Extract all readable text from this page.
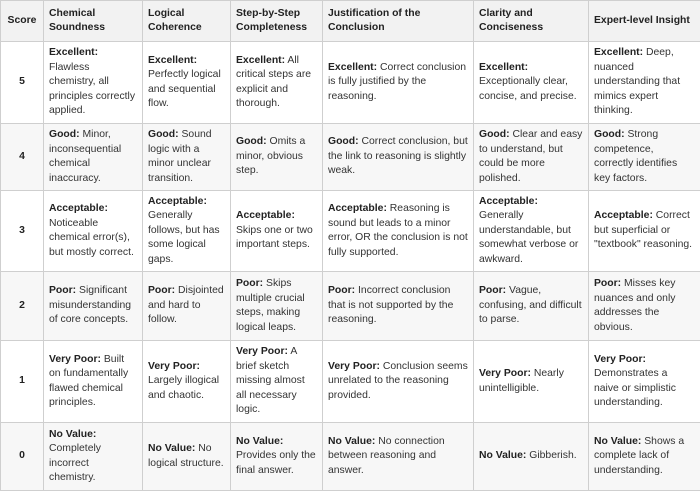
Score	Chemical Soundness	Logical Coherence	Step-by-Step Completeness	Justification of the Conclusion	Clarity and Conciseness	Expert-level Insight
5	Excellent: Flawless chemistry, all principles correctly applied.	Excellent: Perfectly logical and sequential flow.	Excellent: All critical steps are explicit and thorough.	Excellent: Correct conclusion is fully justified by the reasoning.	Excellent: Exceptionally clear, concise, and precise.	Excellent: Deep, nuanced understanding that mimics expert thinking.
4	Good: Minor, inconsequential chemical inaccuracy.	Good: Sound logic with a minor unclear transition.	Good: Omits a minor, obvious step.	Good: Correct conclusion, but the link to reasoning is slightly weak.	Good: Clear and easy to understand, but could be more polished.	Good: Strong competence, correctly identifies key factors.
3	Acceptable: Noticeable chemical error(s), but mostly correct.	Acceptable: Generally follows, but has some logical gaps.	Acceptable: Skips one or two important steps.	Acceptable: Reasoning is sound but leads to a minor error, OR the conclusion is not fully supported.	Acceptable: Generally understandable, but somewhat verbose or awkward.	Acceptable: Correct but superficial or "textbook" reasoning.
2	Poor: Significant misunderstanding of core concepts.	Poor: Disjointed and hard to follow.	Poor: Skips multiple crucial steps, making logical leaps.	Poor: Incorrect conclusion that is not supported by the reasoning.	Poor: Vague, confusing, and difficult to parse.	Poor: Misses key nuances and only addresses the obvious.
1	Very Poor: Built on fundamentally flawed chemical principles.	Very Poor: Largely illogical and chaotic.	Very Poor: A brief sketch missing almost all necessary logic.	Very Poor: Conclusion seems unrelated to the reasoning provided.	Very Poor: Nearly unintelligible.	Very Poor: Demonstrates a naive or simplistic understanding.
0	No Value: Completely incorrect chemistry.	No Value: No logical structure.	No Value: Provides only the final answer.	No Value: No connection between reasoning and answer.	No Value: Gibberish.	No Value: Shows a complete lack of understanding.
